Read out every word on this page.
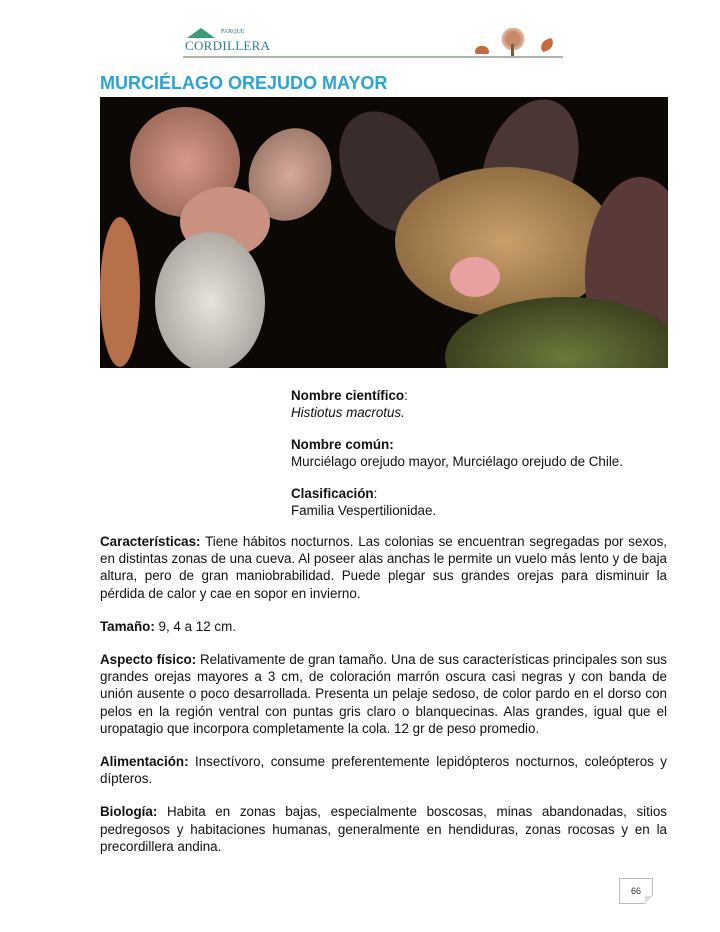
PARQUE
CORDILLERA
MURCIÉLAGO OREJUDO MAYOR

Nombre científico:
Histiotus macrotus.

Nombre común:
Murciélago orejudo mayor, Murciélago orejudo de Chile.

Clasificación:
Familia Vespertilionidae.

Características: Tiene hábitos nocturnos. Las colonias se encuentran segregadas por sexos, en distintas zonas de una cueva. Al poseer alas anchas le permite un vuelo más lento y de baja altura, pero de gran maniobrabilidad. Puede plegar sus grandes orejas para disminuir la pérdida de calor y cae en sopor en invierno.

Tamaño: 9, 4 a 12 cm.

Aspecto físico: Relativamente de gran tamaño. Una de sus características principales son sus grandes orejas mayores a 3 cm, de coloración marrón oscura casi negras y con banda de unión ausente o poco desarrollada. Presenta un pelaje sedoso, de color pardo en el dorso con pelos en la región ventral con puntas gris claro o blanquecinas. Alas grandes, igual que el uropatagio que incorpora completamente la cola. 12 gr de peso promedio.

Alimentación: Insectívoro, consume preferentemente lepidópteros nocturnos, coleópteros y dípteros.

Biología: Habita en zonas bajas, especialmente boscosas, minas abandonadas, sitios pedregosos y habitaciones humanas, generalmente en hendiduras, zonas rocosas y en la precordillera andina.

66
